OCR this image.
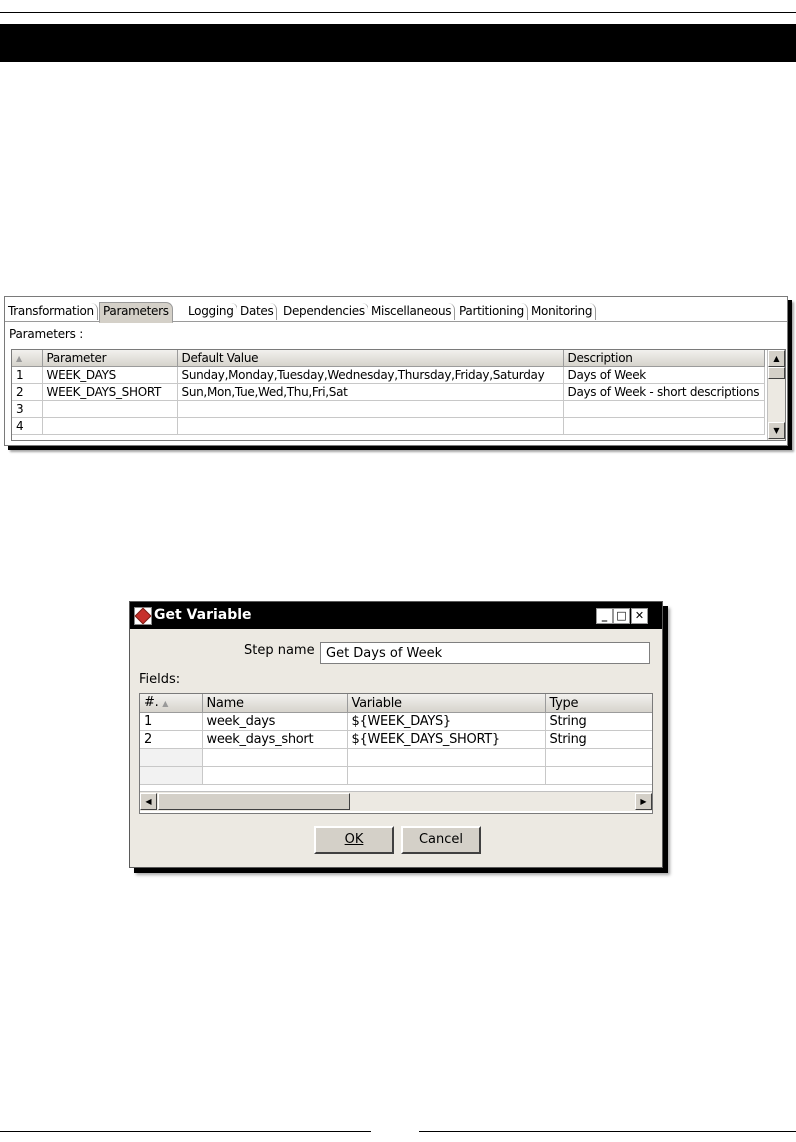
Transformation Parameters	Logging Dates Dependencies Miscellaneous Partitioning Monitoring
Parameters :
▲	Parameter	Default Value	Description
1	WEEK_DAYS	Sunday,Monday,Tuesday,Wednesday,Thursday,Friday,Saturday	Days of Week
2	WEEK_DAYS_SHORT	Sun,Mon,Tue,Wed,Thu,Fri,Sat	Days of Week - short descriptions
3			
4			
▲
▼
Get Variable	_ □ ✕
Step name
Get Days of Week
Fields:
#. ▲	Name	Variable	Type
1	week_days	${WEEK_DAYS}	String
2	week_days_short	${WEEK_DAYS_SHORT}	String

◀	▶
OK	Cancel
